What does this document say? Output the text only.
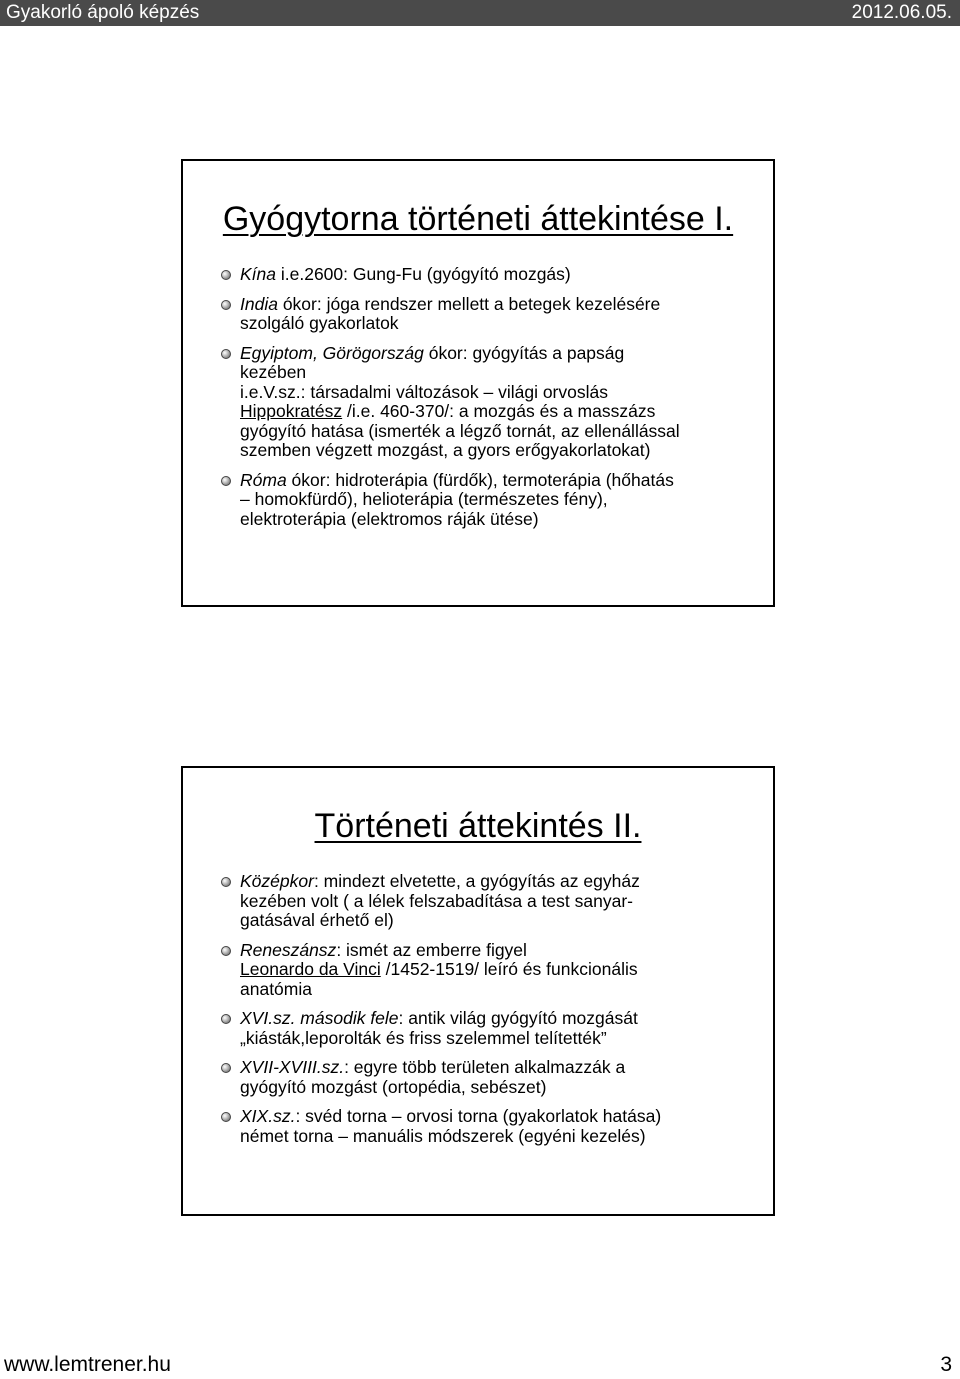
Gyakorló ápoló képzés	2012.06.05.
Gyógytorna történeti áttekintése I.
Kína i.e.2600: Gung-Fu (gyógyító mozgás)
India ókor: jóga rendszer mellett a betegek kezelésére
szolgáló gyakorlatok
Egyiptom, Görögország ókor: gyógyítás a papság
kezében
i.e.V.sz.: társadalmi változások – világi orvoslás
Hippokratész /i.e. 460-370/: a mozgás és a masszázs
gyógyító hatása (ismerték a légző tornát, az ellenállással
szemben végzett mozgást, a gyors erőgyakorlatokat)
Róma ókor: hidroterápia (fürdők), termoterápia (hőhatás
– homokfürdő), helioterápia (természetes fény),
elektroterápia (elektromos ráják ütése)
Történeti áttekintés II.
Középkor: mindezt elvetette, a gyógyítás az egyház
kezében volt ( a lélek felszabadítása a test sanyar-
gatásával érhető el)
Reneszánsz: ismét az emberre figyel
Leonardo da Vinci /1452-1519/ leíró és funkcionális
anatómia
XVI.sz. második fele: antik világ gyógyító mozgását
„kiásták,leporolták és friss szelemmel telítették”
XVII-XVIII.sz.: egyre több területen alkalmazzák a
gyógyító mozgást (ortopédia, sebészet)
XIX.sz.: svéd torna – orvosi torna (gyakorlatok hatása)
német torna – manuális módszerek (egyéni kezelés)
www.lemtrener.hu	3
